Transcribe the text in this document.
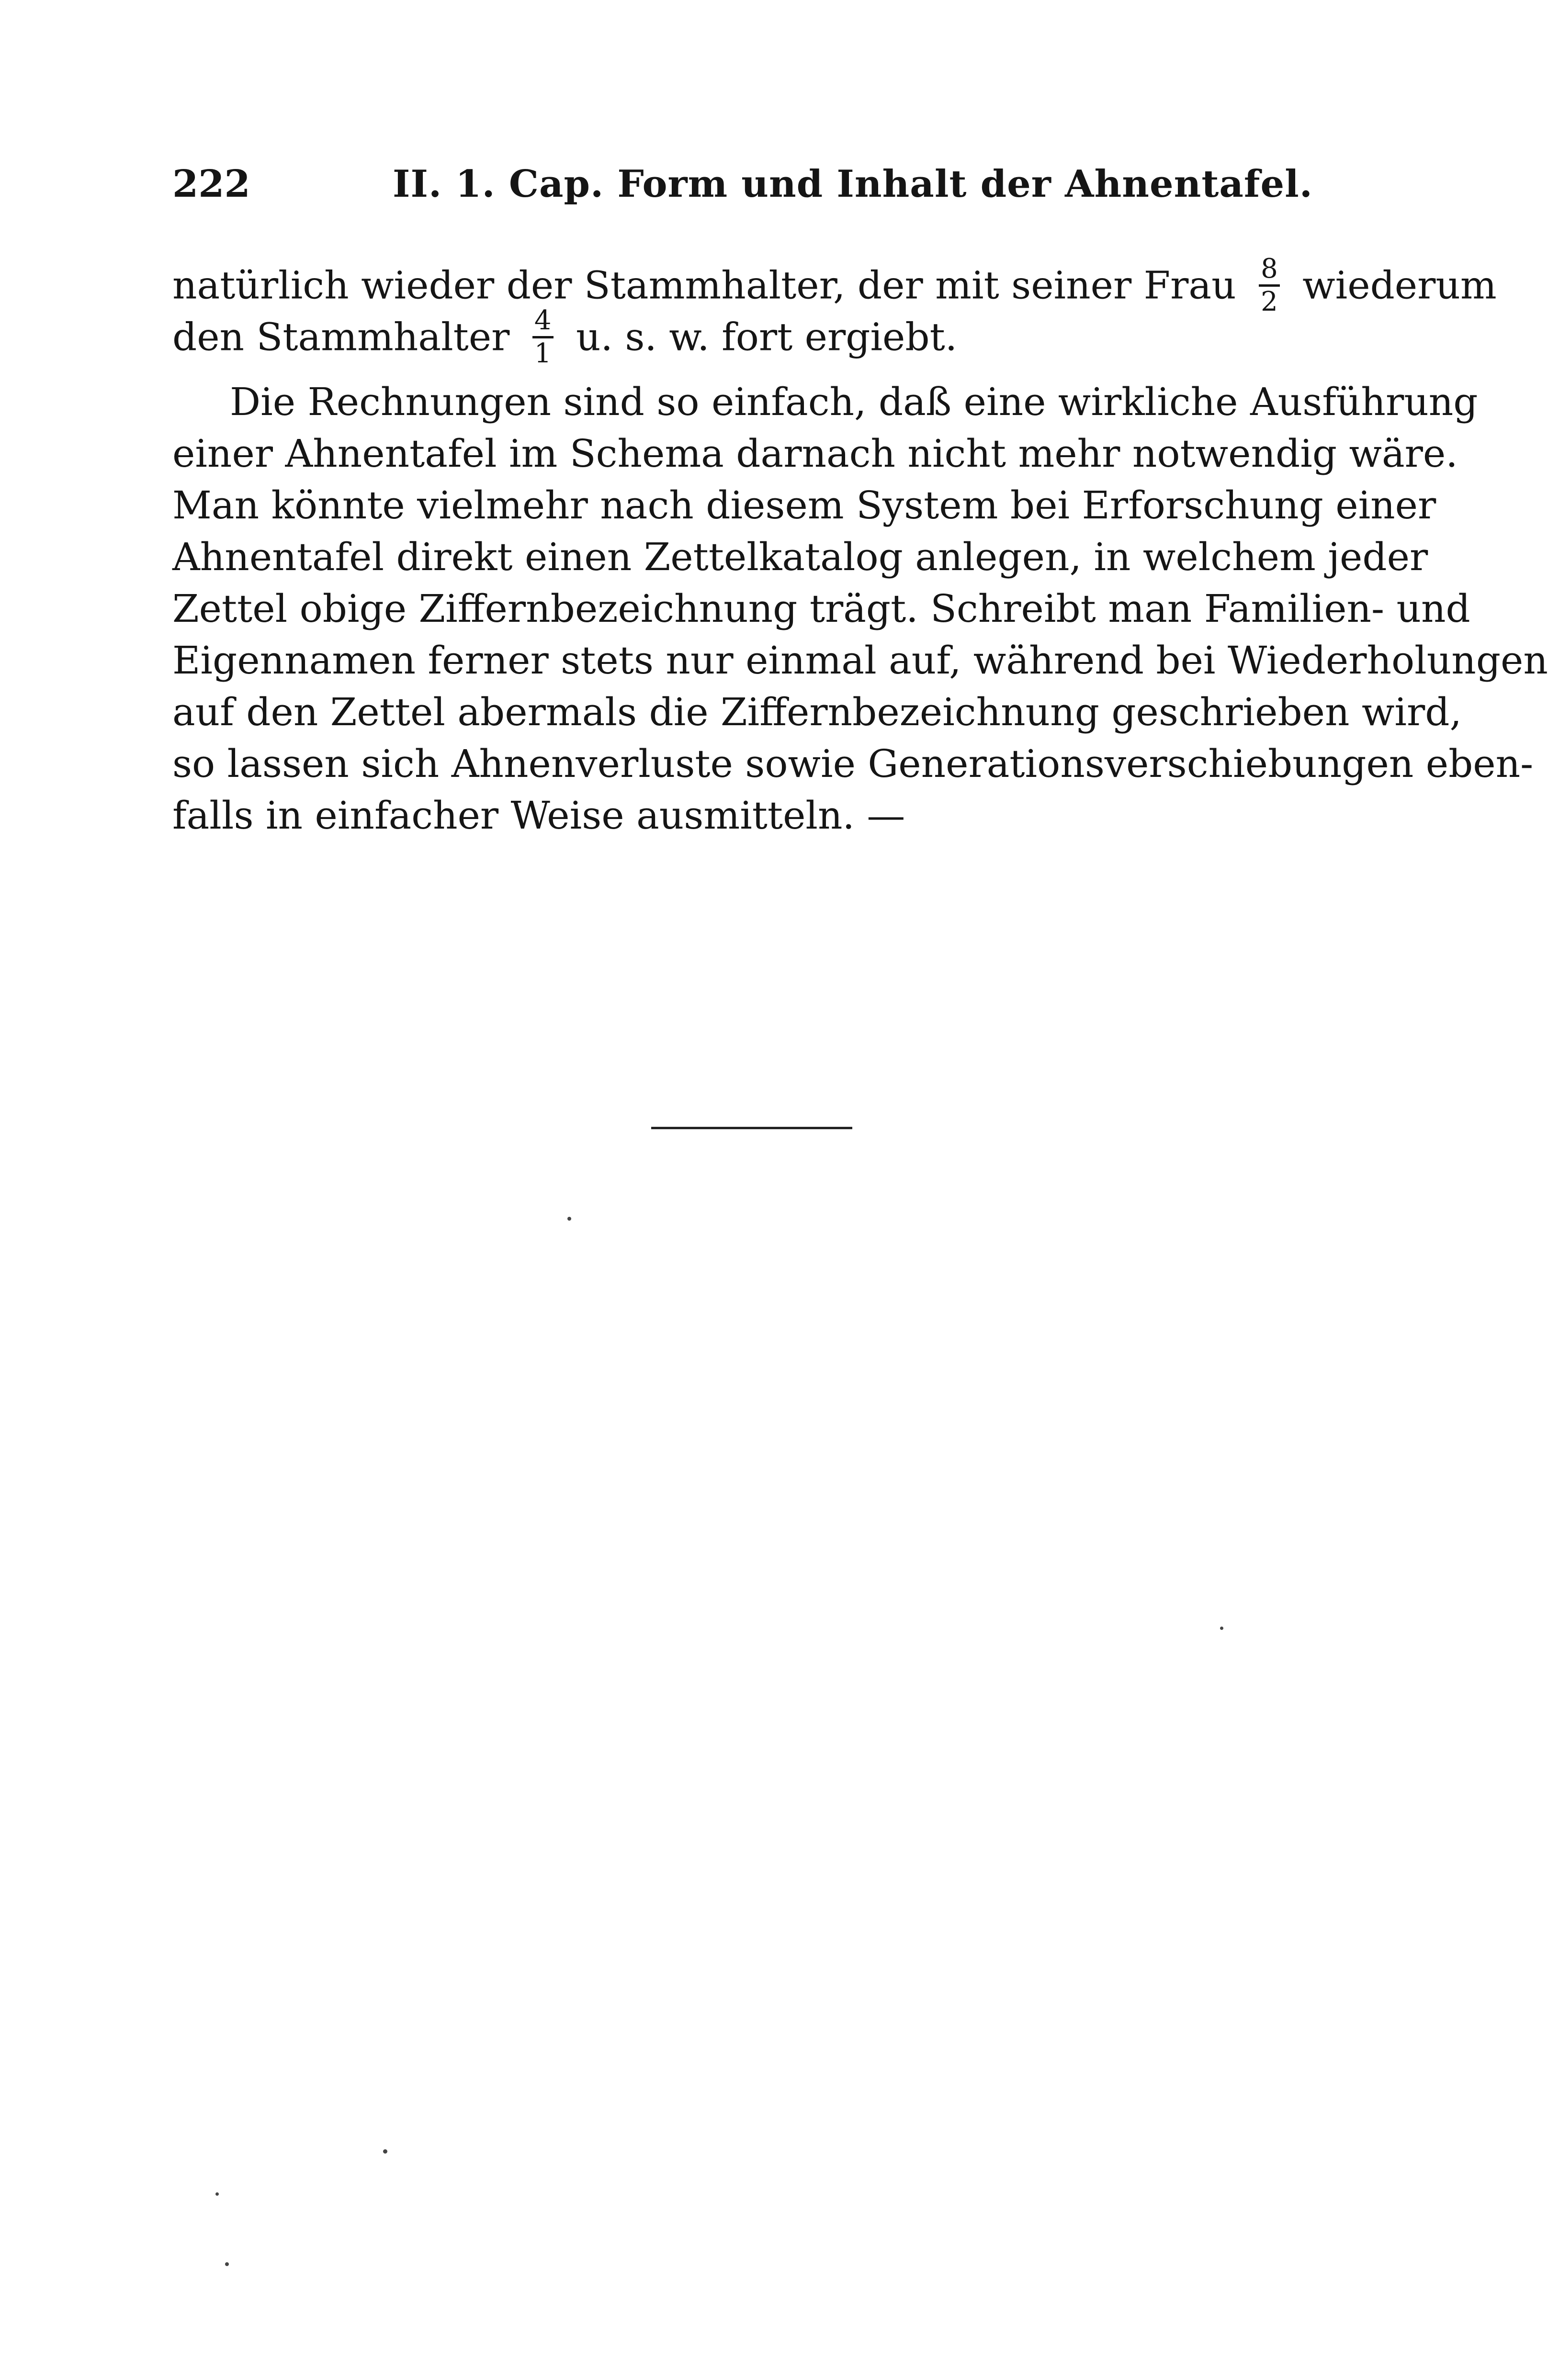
222	II. 1. Cap. Form und Inhalt der Ahnentafel.
natürlich wieder der Stammhalter, der mit seiner Frau $\frac{8}{2}$ wiederum
den Stammhalter $\frac{4}{1} u$. s. w. fort ergiebt.
Die Rechnungen sind so einfach, daß eine wirkliche Ausführung
einer Ahnentafel im Schema darnach nicht mehr notwendig wäre.
Man könnte vielmehr nach diesem System bei Erforschung einer
Ahnentafel direkt einen Zettelkatalog anlegen, in welchem jeder
Zettel obige Ziffernbezeichnung trägt. Schreibt man Familien- und
Eigennamen ferner stets nur einmal auf, während bei Wiederholungen
auf den Zettel abermals die Ziffernbezeichnung geschrieben wird,
so lassen sich Ahnenverluste sowie Generationsverschiebungen eben-
falls in einfacher Weise ausmitteln. —
